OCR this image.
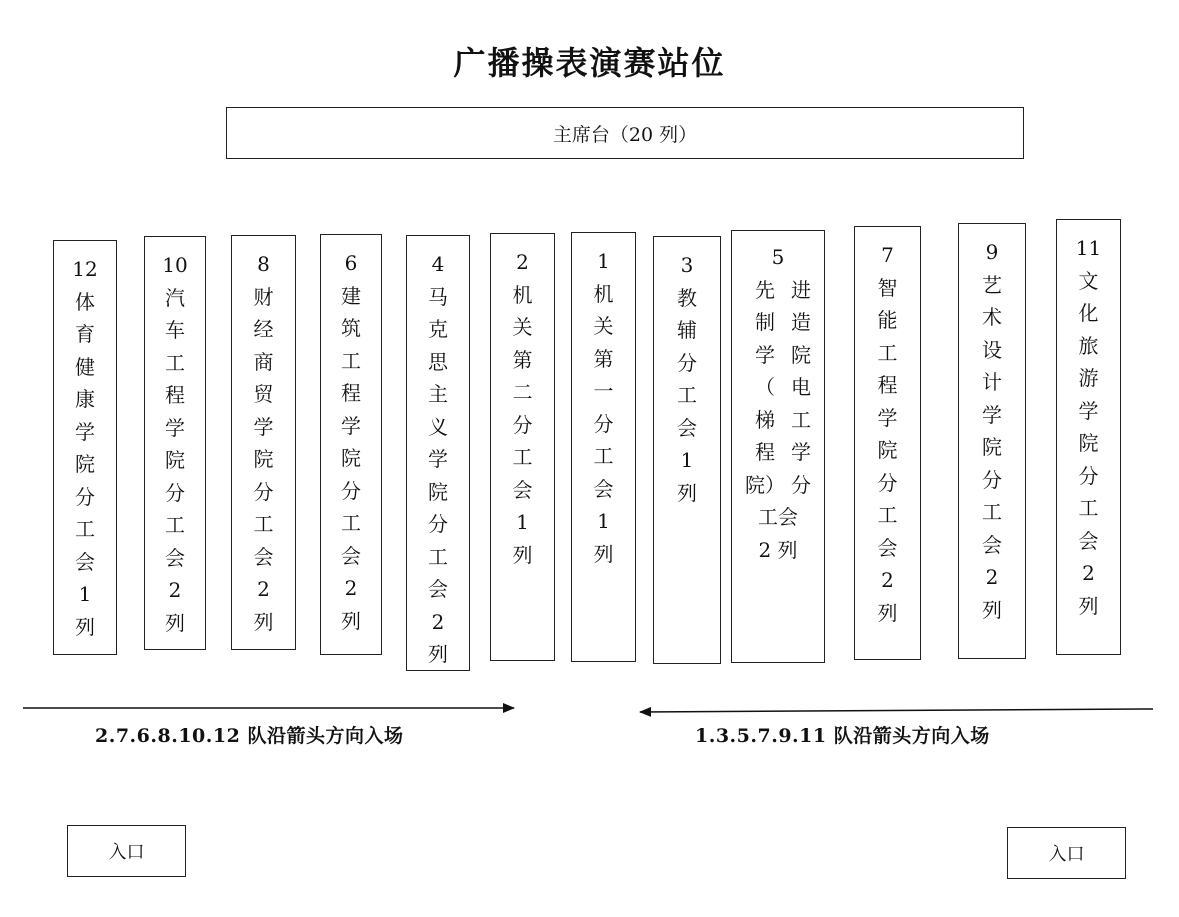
广播操表演赛站位
主席台（20 列）
12
体
育
健
康
学
院
分
工
会
1
列
10
汽
车
工
程
学
院
分
工
会
2
列
8
财
经
商
贸
学
院
分
工
会
2
列
6
建
筑
工
程
学
院
分
工
会
2
列
4
马
克
思
主
义
学
院
分
工
会
2
列
2
机
关
第
二
分
工
会
1
列
1
机
关
第
一
分
工
会
1
列
3
教
辅
分
工
会
1
列
5
先
制
学
（
梯
程
院）
进
造
院
电
工
学
分
工会
2 列
7
智
能
工
程
学
院
分
工
会
2
列
9
艺
术
设
计
学
院
分
工
会
2
列
11
文
化
旅
游
学
院
分
工
会
2
列
2.7.6.8.10.12 队沿箭头方向入场	1.3.5.7.9.11 队沿箭头方向入场
入口	入口
